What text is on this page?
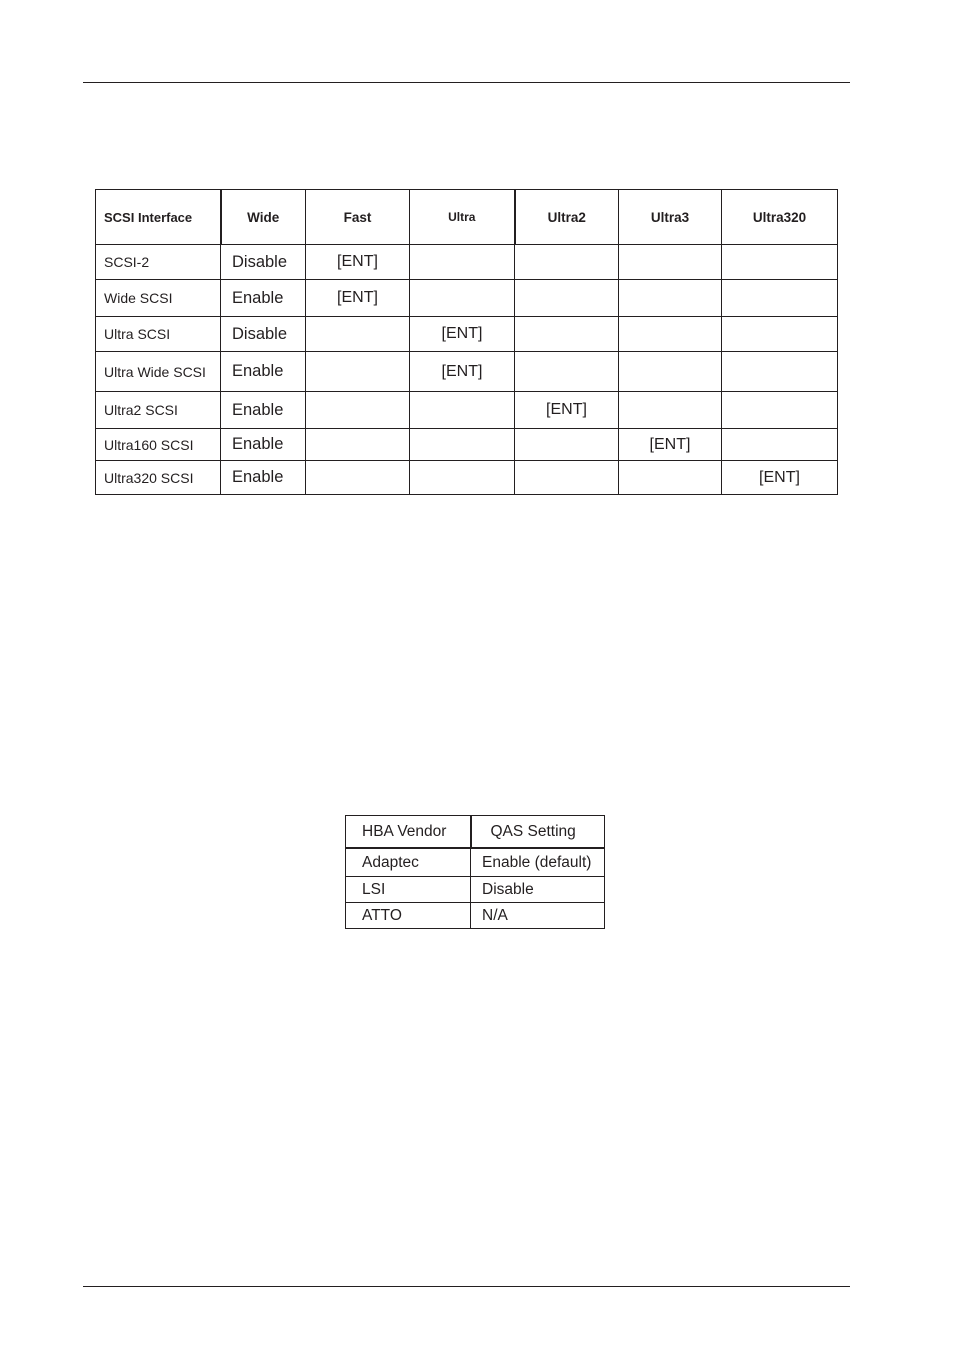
SCSI Interface	Wide	Fast	Ultra	Ultra2	Ultra3	Ultra320
SCSI-2	Disable	[ENT]				
Wide SCSI	Enable	[ENT]				
Ultra SCSI	Disable		[ENT]			
Ultra Wide SCSI	Enable		[ENT]			
Ultra2 SCSI	Enable			[ENT]		
Ultra160 SCSI	Enable				[ENT]	
Ultra320 SCSI	Enable					[ENT]
HBA Vendor	QAS Setting
Adaptec	Enable (default)
LSI	Disable
ATTO	N/A
